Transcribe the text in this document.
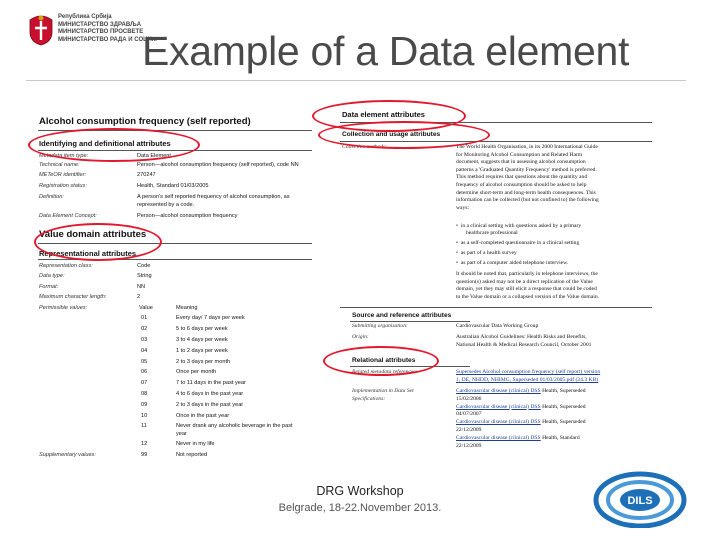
Република Србија
МИНИСТАРСТВО ЗДРАВЉА
МИНИСТАРСТВО ПРОСВЕТЕ
МИНИСТАРСТВО РАДА И СОЦИ...
Example of a Data element
Alcohol consumption frequency (self reported)
Identifying and definitional attributes
Metadata item type:	Data Element
Technical name:	Person—alcohol consumption frequency (self reported), code NN
METeOR identifier:	270247
Registration status:	Health, Standard 01/03/2005
Definition:	A person's self reported frequency of alcohol consumption, as
represented by a code.
Data Element Concept:	Person—alcohol consumption frequency
Value domain attributes
Representational attributes
Representation class:	Code
Data type:	String
Format:	NN
Maximum character length:	2
Permissible values:	Value	Meaning
01	Every day/ 7 days per week
02	5 to 6 days per week
03	3 to 4 days per week
04	1 to 2 days per week
05	2 to 3 days per month
06	Once per month
07	7 to 11 days in the past year
08	4 to 6 days in the past year
09	2 to 3 days in the past year
10	Once in the past year
11	Never drank any alcoholic beverage in the past
year
12	Never in my life
Supplementary values:	99	Not reported
Data element attributes
Collection and usage attributes
Collection methods:	The World Health Organisation, in its 2000 International Guide
for Monitoring Alcohol Consumption and Related Harm
document, suggests that in assessing alcohol consumption
patterns a 'Graduated Quantity Frequency' method is preferred.
This method requires that questions about the quantity and
frequency of alcohol consumption should be asked to help
determine short-term and long-term health consequences. This
information can be collected (but not confined to) the following
ways:
•  in a clinical setting with questions asked by a primary
healthcare professional
•  as a self-completed questionnaire in a clinical setting
•  as part of a health survey
•  as part of a computer aided telephone interview.
It should be noted that, particularly in telephone interviews, the
question(s) asked may not be a direct replication of the Value
domain, yet they may still elicit a response that could be coded
to the Value domain or a collapsed version of the Value domain.
Source and reference attributes
Submitting organisation:	Cardiovascular Data Working Group
Origin:	Australian Alcohol Guidelines: Health Risks and Benefits,
National Health & Medical Research Council, October 2001
Relational attributes
Related metadata references:	Supersedes Alcohol consumption frequency (self report) version
1, DE, NHDD, NHIMG, Superseded 01/03/2005.pdf (24.3 KB)
Implementation in Data Set Specifications:
Cardiovascular disease (clinical) DSS Health, Superseded
15/02/2006
Cardiovascular disease (clinical) DSS Health, Superseded
04/07/2007
Cardiovascular disease (clinical) DSS Health, Superseded
22/12/2009
Cardiovascular disease (clinical) DSS Health, Standard
22/12/2009
DRG Workshop
Belgrade, 18-22.November 2013.
DILS
